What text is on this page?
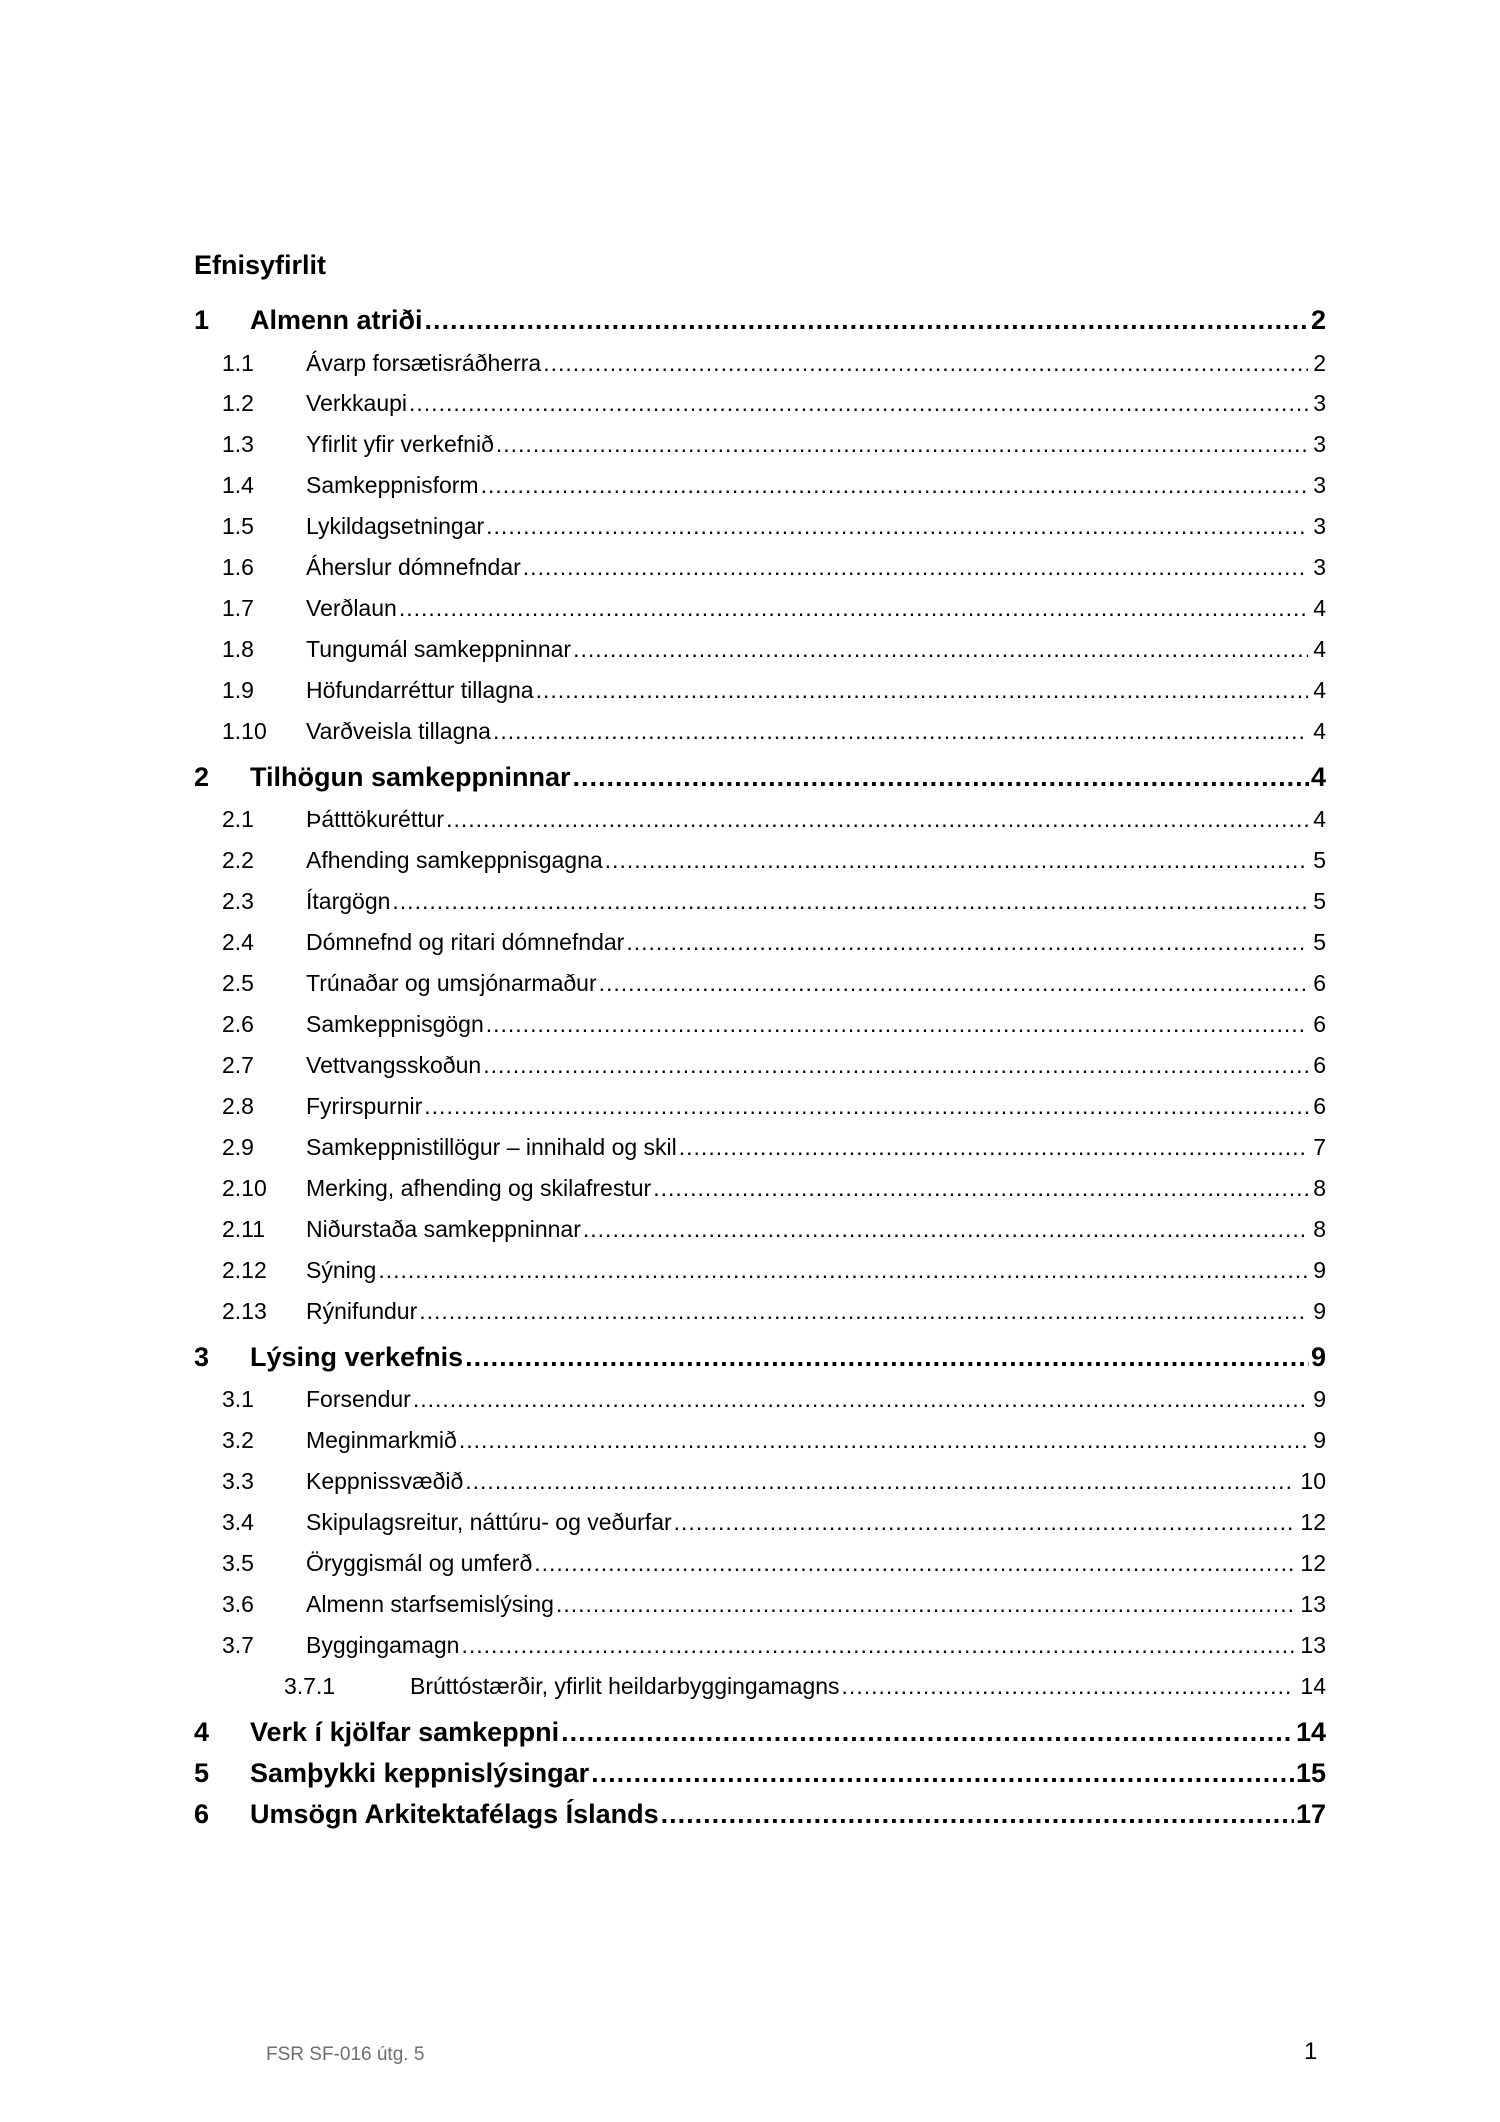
Efnisyfirlit
1	Almenn atriði .....	2
1.1	Ávarp forsætisráðherra .....	2
1.2	Verkkaupi .....	3
1.3	Yfirlit yfir verkefnið .....	3
1.4	Samkeppnisform .....	3
1.5	Lykildagsetningar .....	3
1.6	Áherslur dómnefndar .....	3
1.7	Verðlaun .....	4
1.8	Tungumál samkeppninnar .....	4
1.9	Höfundarréttur tillagna .....	4
1.10	Varðveisla tillagna .....	4
2	Tilhögun samkeppninnar .....	4
2.1	Þátttökuréttur .....	4
2.2	Afhending samkeppnisgagna .....	5
2.3	Ítargögn .....	5
2.4	Dómnefnd og ritari dómnefndar .....	5
2.5	Trúnaðar og umsjónarmaður .....	6
2.6	Samkeppnisgögn .....	6
2.7	Vettvangsskoðun .....	6
2.8	Fyrirspurnir .....	6
2.9	Samkeppnistillögur – innihald og skil .....	7
2.10	Merking, afhending og skilafrestur .....	8
2.11	Niðurstaða samkeppninnar .....	8
2.12	Sýning .....	9
2.13	Rýnifundur .....	9
3	Lýsing verkefnis .....	9
3.1	Forsendur .....	9
3.2	Meginmarkmið .....	9
3.3	Keppnissvæðið .....	10
3.4	Skipulagsreitur, náttúru- og veðurfar .....	12
3.5	Öryggismál og umferð .....	12
3.6	Almenn starfsemislýsing .....	13
3.7	Byggingamagn .....	13
3.7.1	Brúttóstærðir, yfirlit heildarbyggingamagns .....	14
4	Verk í kjölfar samkeppni .....	14
5	Samþykki keppnislýsingar .....	15
6	Umsögn Arkitektafélags Íslands .....	17
FSR SF-016 útg. 5	1
